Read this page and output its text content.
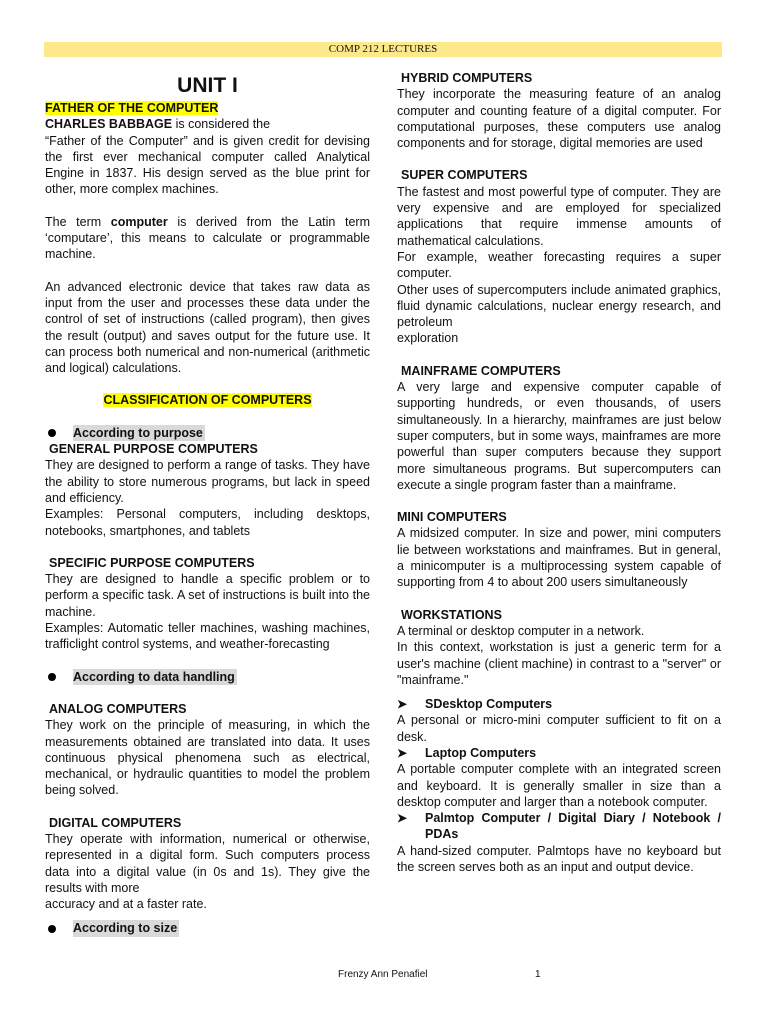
COMP 212 LECTURES
UNIT I
FATHER OF THE COMPUTER

CHARLES BABBAGE is considered the

“Father of the Computer” and is given credit for devising the first ever mechanical computer called Analytical Engine in 1837. His design served as the blue print for other, more complex machines.

The term computer is derived from the Latin term ‘computare’, this means to calculate or programmable machine.

An advanced electronic device that takes raw data as input from the user and processes these data under the control of set of instructions (called program), then gives the result (output) and saves output for the future use. It can process both numerical and non-numerical (arithmetic and logical) calculations.

CLASSIFICATION OF COMPUTERS
According to purpose
GENERAL PURPOSE COMPUTERS

They are designed to perform a range of tasks. They have the ability to store numerous programs, but lack in speed and efficiency.

Examples: Personal computers, including desktops, notebooks, smartphones, and tablets

SPECIFIC PURPOSE COMPUTERS

They are designed to handle a specific problem or to perform a specific task. A set of instructions is built into the machine.

Examples: Automatic teller machines, washing machines, trafficlight control systems, and weather-forecasting

According to data handling
ANALOG COMPUTERS

They work on the principle of measuring, in which the measurements obtained are translated into data. It uses continuous physical phenomena such as electrical, mechanical, or hydraulic quantities to model the problem being solved.

DIGITAL COMPUTERS

They operate with information, numerical or otherwise, represented in a digital form. Such computers process data into a digital value (in 0s and 1s). They give the results with more

accuracy and at a faster rate.

According to size
HYBRID COMPUTERS

They incorporate the measuring feature of an analog computer and counting feature of a digital computer. For computational purposes, these computers use analog components and for storage, digital memories are used

SUPER COMPUTERS

The fastest and most powerful type of computer. They are very expensive and are employed for specialized applications that require immense amounts of mathematical calculations.

For example, weather forecasting requires a super computer.

Other uses of supercomputers include animated graphics, fluid dynamic calculations, nuclear energy research, and petroleum

exploration

MAINFRAME COMPUTERS

A very large and expensive computer capable of supporting hundreds, or even thousands, of users simultaneously. In a hierarchy, mainframes are just below super computers, but in some ways, mainframes are more powerful than super computers because they support more simultaneous programs. But supercomputers can execute a single program faster than a mainframe.

MINI COMPUTERS

A midsized computer. In size and power, mini computers lie between workstations and mainframes. But in general, a minicomputer is a multiprocessing system capable of supporting from 4 to about 200 users simultaneously

WORKSTATIONS

A terminal or desktop computer in a network.

In this context, workstation is just a generic term for a user's machine (client machine) in contrast to a "server" or "mainframe."

➤	SDesktop Computers

A personal or micro-mini computer sufficient to fit on a desk.

➤	Laptop Computers

A portable computer complete with an integrated screen and keyboard. It is generally smaller in size than a desktop computer and larger than a notebook computer.

➤	Palmtop Computer / Digital Diary / Notebook / PDAs

A hand-sized computer. Palmtops have no keyboard but the screen serves both as an input and output device.

Frenzy Ann Penafiel	1
